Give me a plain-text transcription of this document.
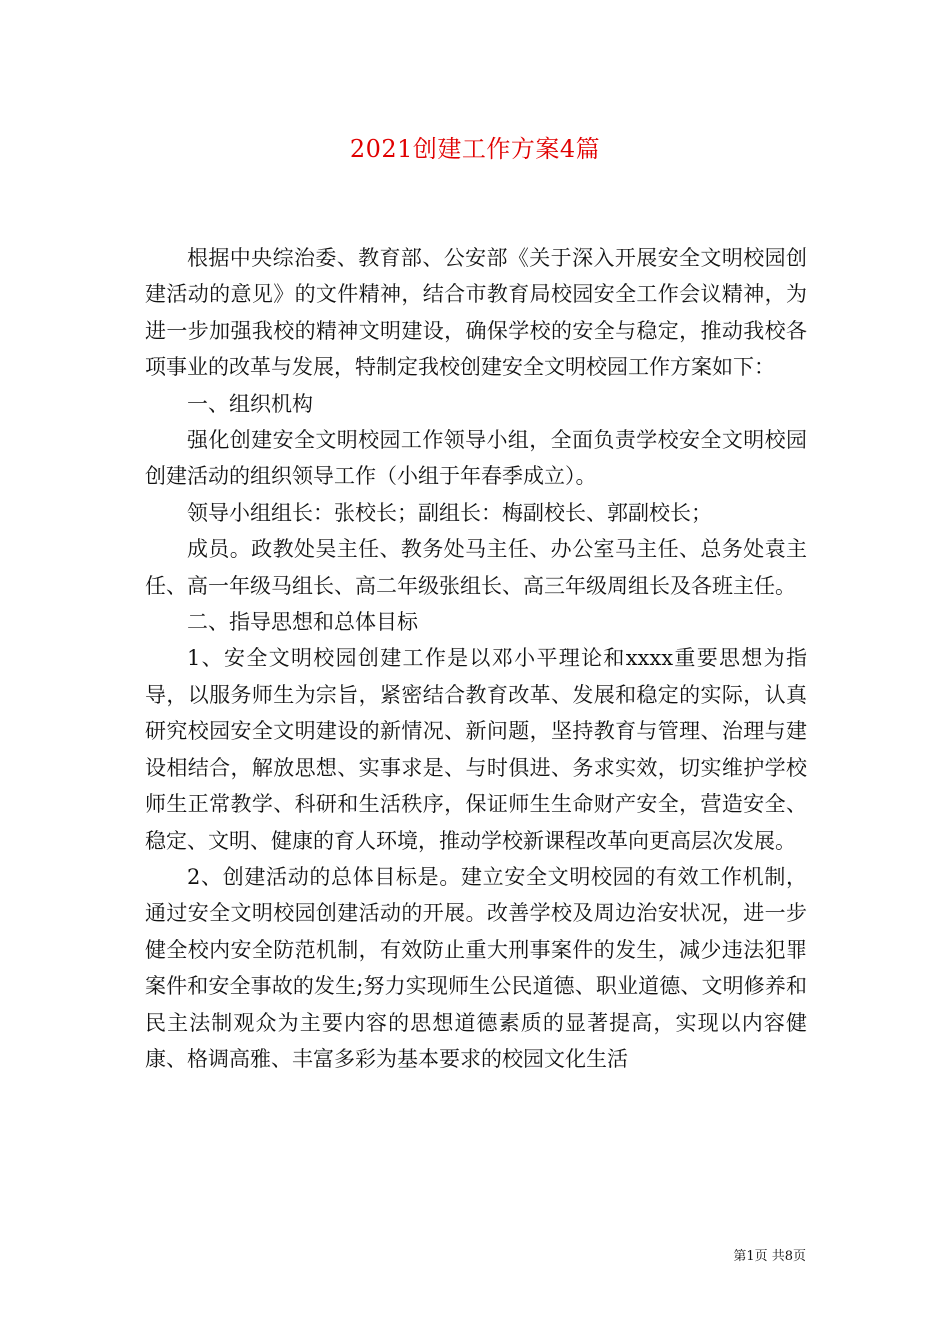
2021创建工作方案4篇

根据中央综治委、教育部、公安部《关于深入开展安全文明校园创建活动的意见》的文件精神，结合市教育局校园安全工作会议精神，为进一步加强我校的精神文明建设，确保学校的安全与稳定，推动我校各项事业的改革与发展，特制定我校创建安全文明校园工作方案如下：

一、组织机构

强化创建安全文明校园工作领导小组，全面负责学校安全文明校园创建活动的组织领导工作（小组于年春季成立）。

领导小组组长：张校长；副组长：梅副校长、郭副校长；

成员。政教处吴主任、教务处马主任、办公室马主任、总务处袁主任、高一年级马组长、高二年级张组长、高三年级周组长及各班主任。

二、指导思想和总体目标

1、安全文明校园创建工作是以邓小平理论和xxxx重要思想为指导，以服务师生为宗旨，紧密结合教育改革、发展和稳定的实际，认真研究校园安全文明建设的新情况、新问题，坚持教育与管理、治理与建设相结合，解放思想、实事求是、与时俱进、务求实效，切实维护学校师生正常教学、科研和生活秩序，保证师生生命财产安全，营造安全、稳定、文明、健康的育人环境，推动学校新课程改革向更高层次发展。

2、创建活动的总体目标是。建立安全文明校园的有效工作机制，通过安全文明校园创建活动的开展。改善学校及周边治安状况，进一步健全校内安全防范机制，有效防止重大刑事案件的发生，减少违法犯罪案件和安全事故的发生;努力实现师生公民道德、职业道德、文明修养和民主法制观众为主要内容的思想道德素质的显著提高，实现以内容健康、格调高雅、丰富多彩为基本要求的校园文化生活

第1页 共8页
